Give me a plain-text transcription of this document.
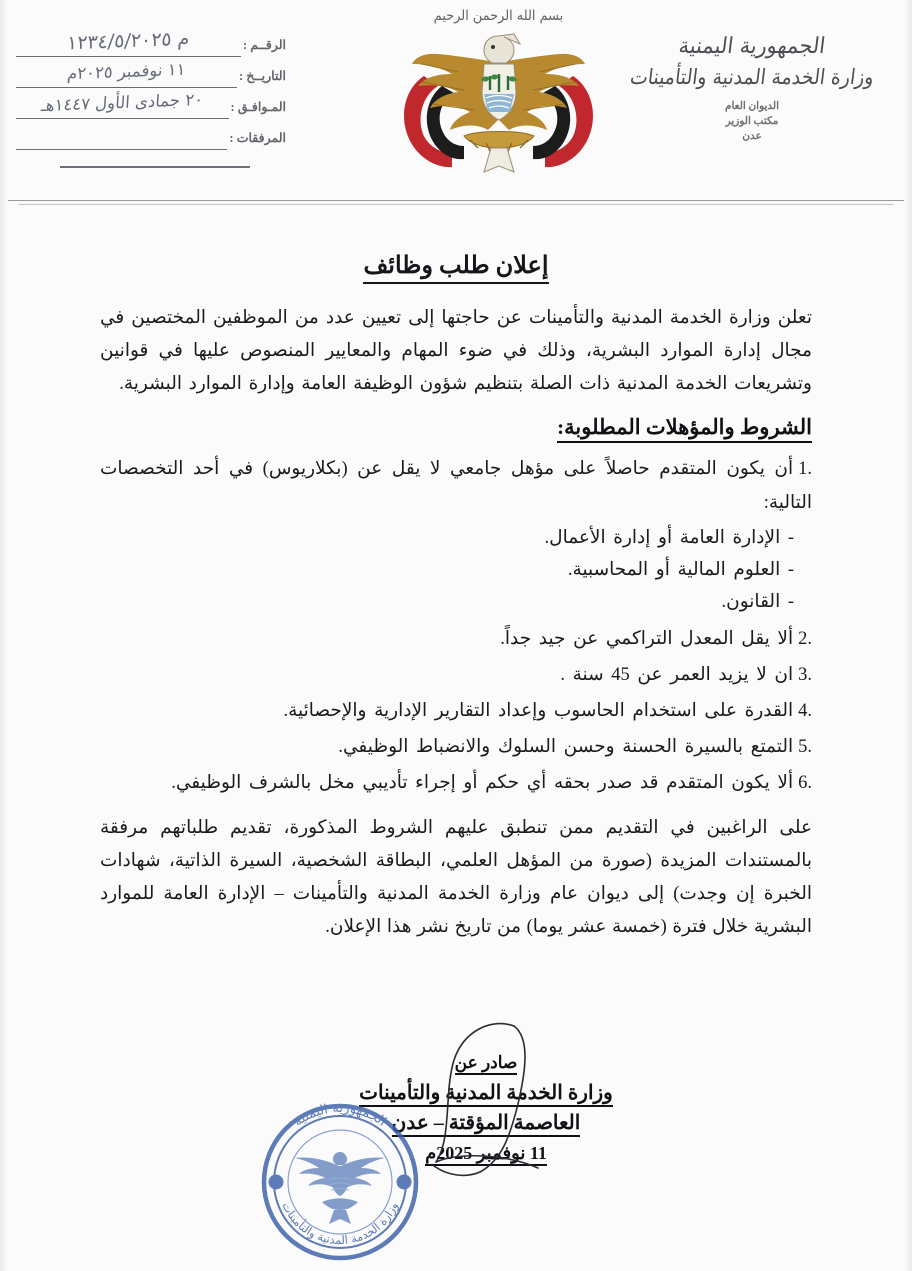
الرقــم :
م ١٢٣٤/٥/٢٠٢٥
التاريــخ :
١١ نوفمبر ٢٠٢٥م
المـوافـق :
٢٠ جمادى الأول ١٤٤٧هـ
المرفقات :
بسم الله الرحمن الرحيم
الجمهورية اليمنية
وزارة الخدمة المدنية والتأمينات
الديوان العام
مكتب الوزير
عدن
إعلان طلب وظائف

تعلن وزارة الخدمة المدنية والتأمينات عن حاجتها إلى تعيين عدد من الموظفين المختصين في مجال إدارة الموارد البشرية، وذلك في ضوء المهام والمعايير المنصوص عليها في قوانين وتشريعات الخدمة المدنية ذات الصلة بتنظيم شؤون الوظيفة العامة وإدارة الموارد البشرية.

الشروط والمؤهلات المطلوبة:
.1أن يكون المتقدم حاصلاً على مؤهل جامعي لا يقل عن (بكلاريوس) في أحد التخصصات التالية:
- الإدارة العامة أو إدارة الأعمال.
- العلوم المالية أو المحاسبية.
- القانون.
.2ألا يقل المعدل التراكمي عن جيد جداً.
.3ان لا يزيد العمر عن 45 سنة .
.4القدرة على استخدام الحاسوب وإعداد التقارير الإدارية والإحصائية.
.5التمتع بالسيرة الحسنة وحسن السلوك والانضباط الوظيفي.
.6ألا يكون المتقدم قد صدر بحقه أي حكم أو إجراء تأديبي مخل بالشرف الوظيفي.

على الراغبين في التقديم ممن تنطبق عليهم الشروط المذكورة، تقديم طلباتهم مرفقة بالمستندات المزيدة (صورة من المؤهل العلمي، البطاقة الشخصية، السيرة الذاتية، شهادات الخبرة إن وجدت) إلى ديوان عام وزارة الخدمة المدنية والتأمينات – الإدارة العامة للموارد البشرية خلال فترة (خمسة عشر يوما) من تاريخ نشر هذا الإعلان.

صادر عن
وزارة الخدمة المدنية والتأمينات
العاصمة المؤقتة – عدن
11 نوفمبر 2025م
الجمهورية اليمنية
وزارة الخدمة المدنية والتأمينات
